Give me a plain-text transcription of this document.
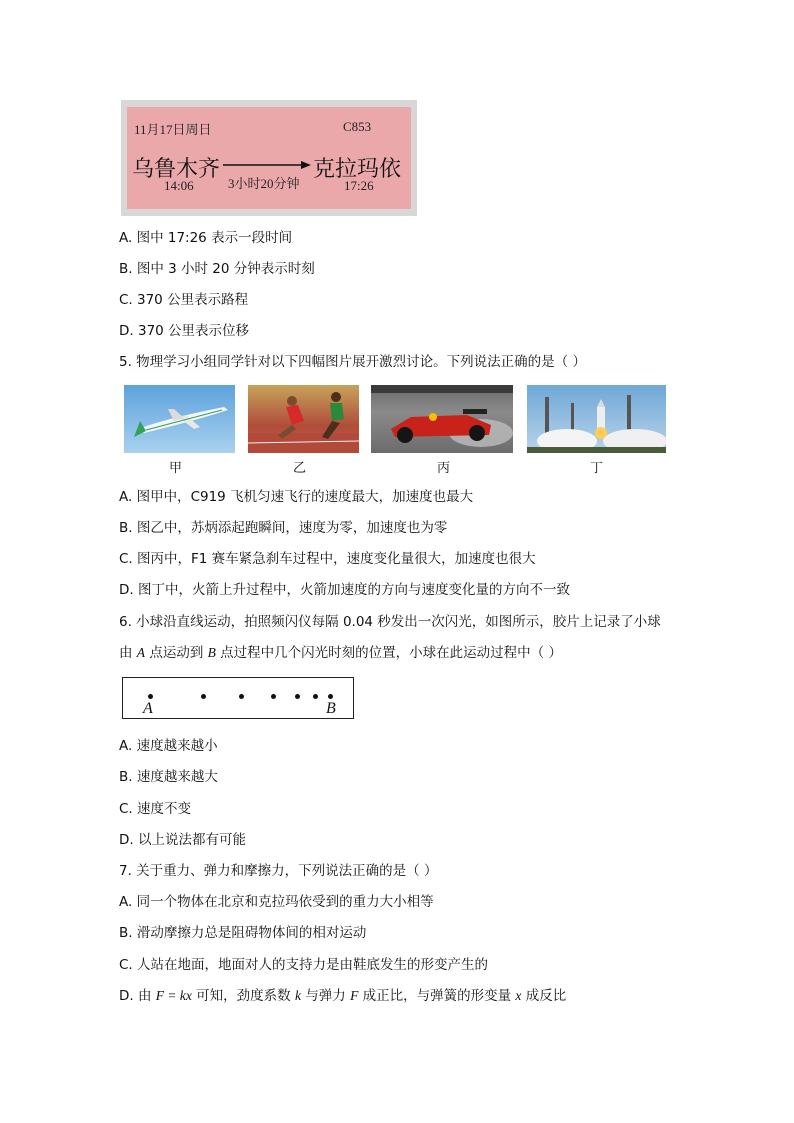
11月17日周日	C853
乌鲁木齐	克拉玛依
14:06	3小时20分钟	17:26
A. 图中 17:26 表示一段时间
B. 图中 3 小时 20 分钟表示时刻
C. 370 公里表示路程
D. 370 公里表示位移
5. 物理学习小组同学针对以下四幅图片展开激烈讨论。下列说法正确的是（ ）
甲	乙	丙	丁
A. 图甲中，C919 飞机匀速飞行的速度最大，加速度也最大
B. 图乙中，苏炳添起跑瞬间，速度为零，加速度也为零
C. 图丙中，F1 赛车紧急刹车过程中，速度变化量很大，加速度也很大
D. 图丁中，火箭上升过程中，火箭加速度的方向与速度变化量的方向不一致
6. 小球沿直线运动，拍照频闪仪每隔 0.04 秒发出一次闪光，如图所示，胶片上记录了小球
由 A 点运动到 B 点过程中几个闪光时刻的位置，小球在此运动过程中（ ）
A	B
A. 速度越来越小
B. 速度越来越大
C. 速度不变
D. 以上说法都有可能
7. 关于重力、弹力和摩擦力，下列说法正确的是（ ）
A. 同一个物体在北京和克拉玛依受到的重力大小相等
B. 滑动摩擦力总是阻碍物体间的相对运动
C. 人站在地面，地面对人的支持力是由鞋底发生的形变产生的
D. 由 F = kx 可知，劲度系数 k 与弹力 F 成正比，与弹簧的形变量 x 成反比
